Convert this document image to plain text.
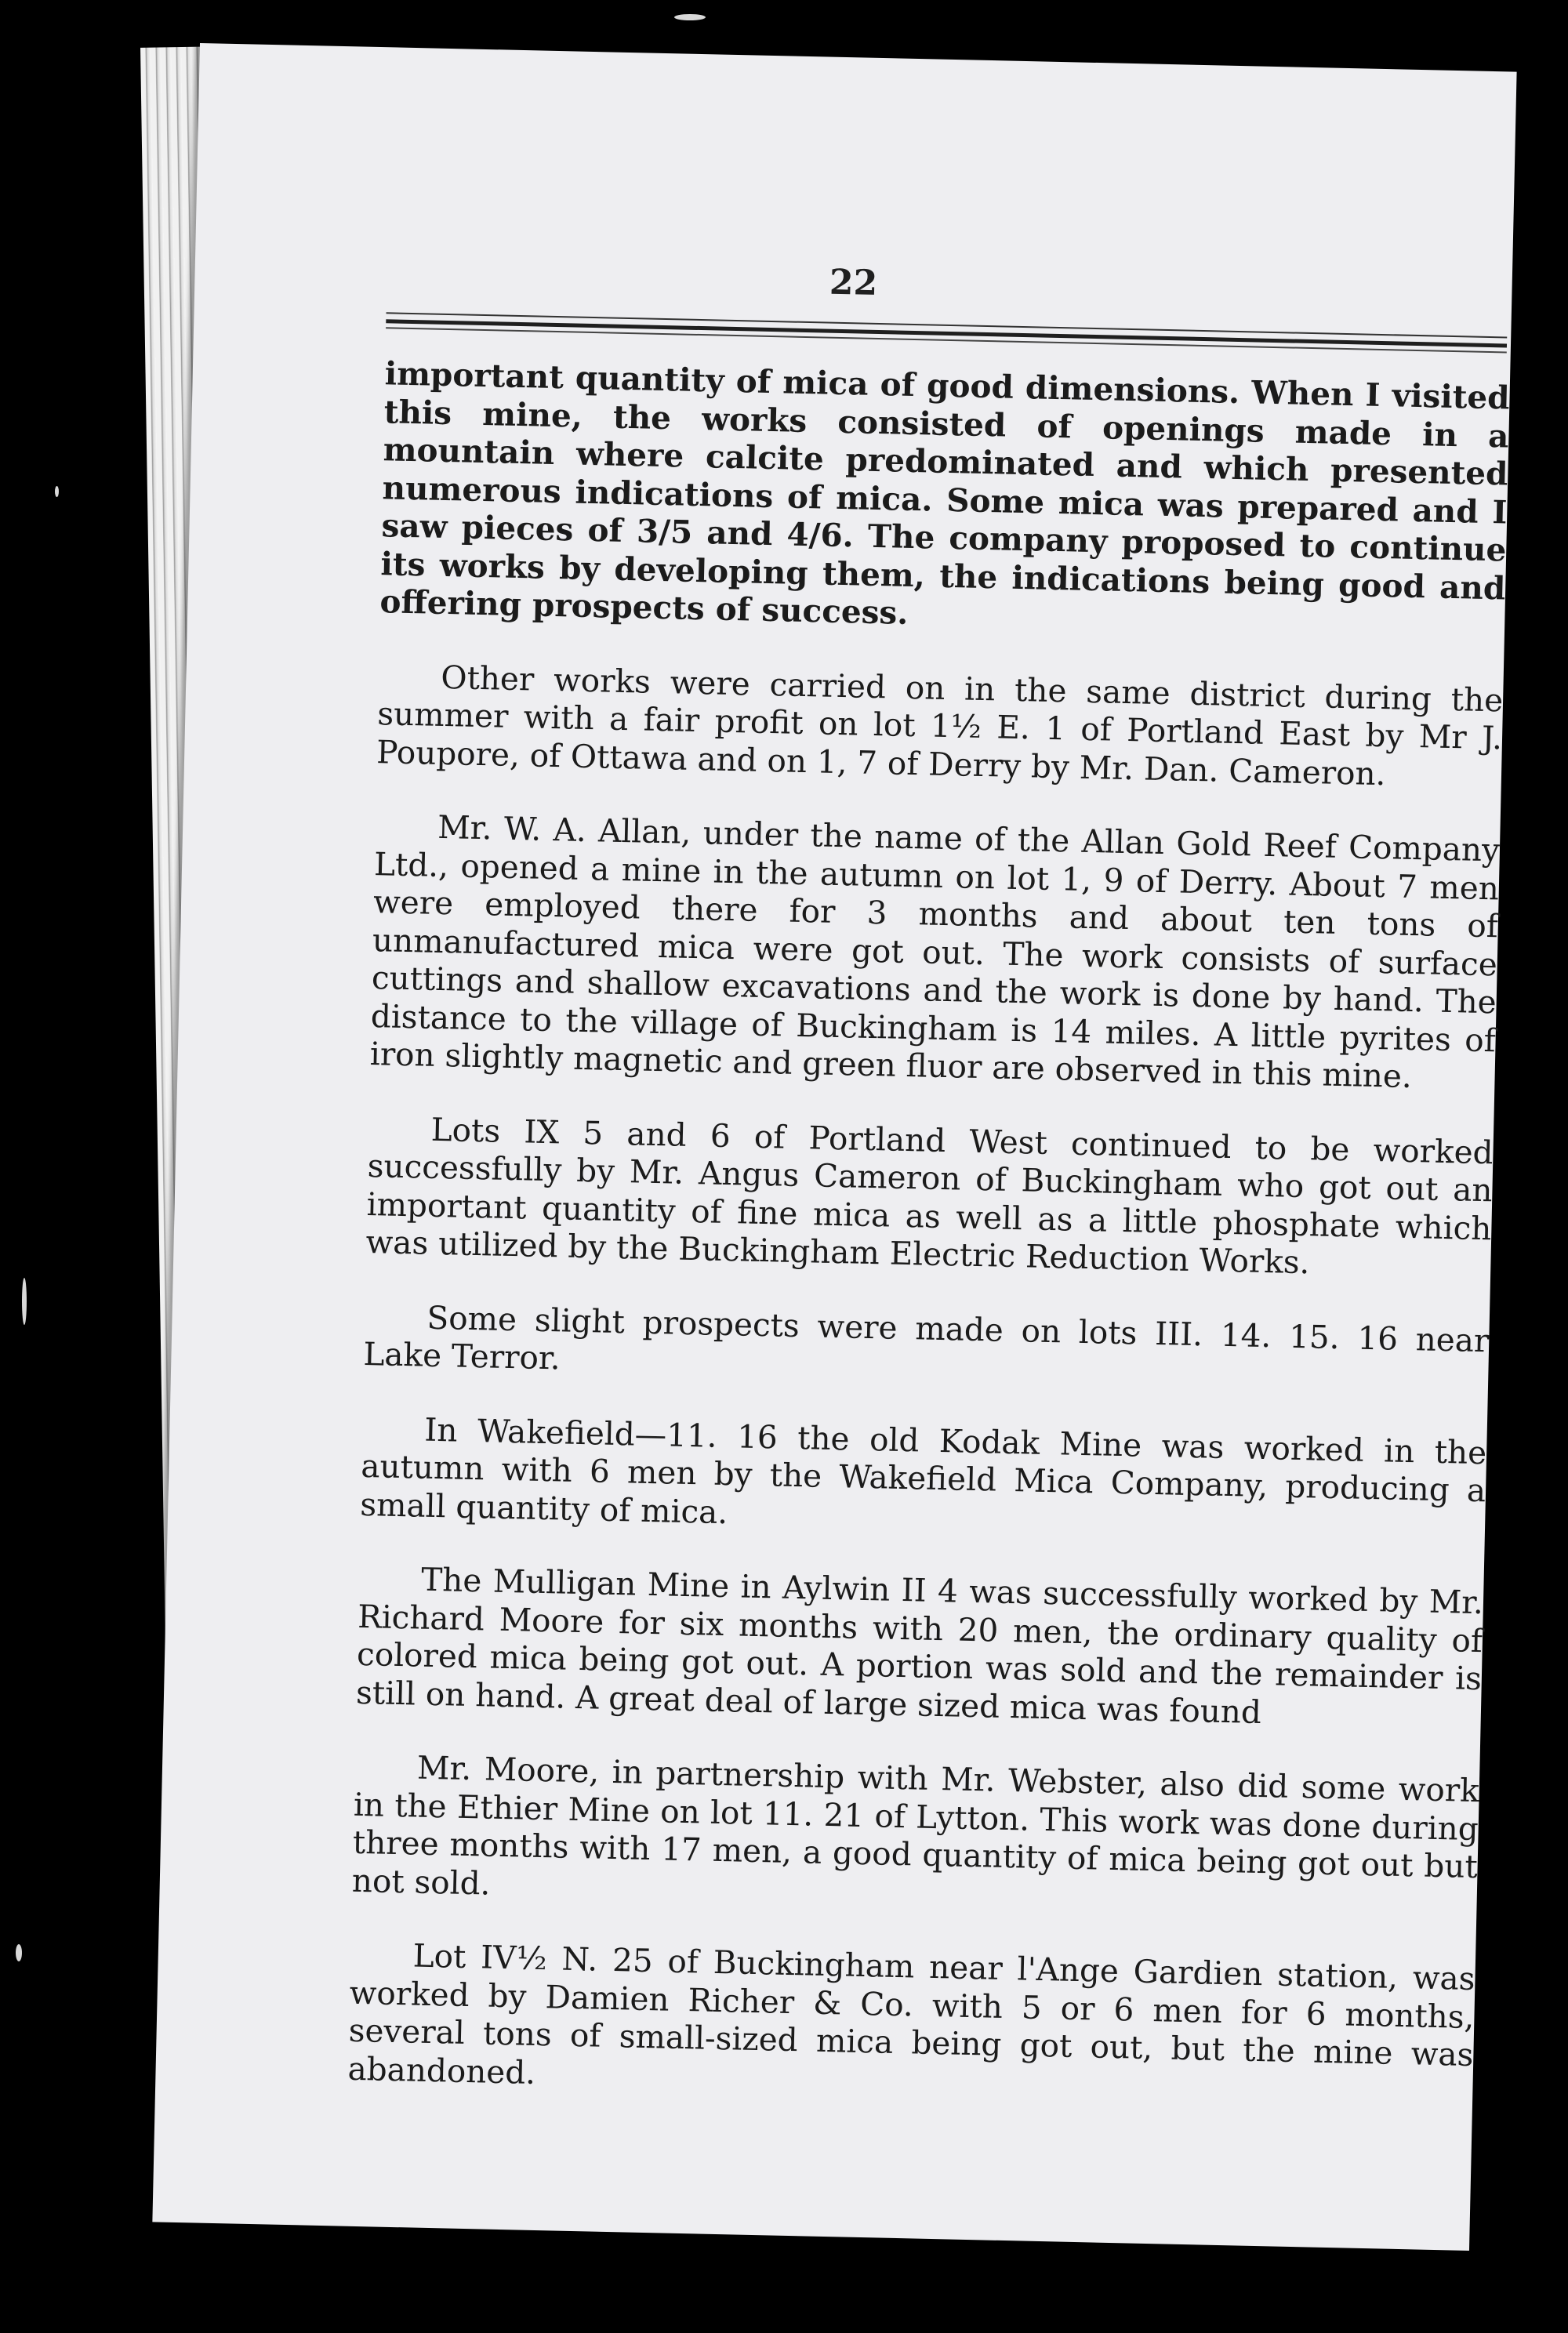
22

important quantity of mica of good dimensions. When I visited this mine, the works consisted of openings made in a mountain where calcite predominated and which presented numerous indications of mica. Some mica was prepared and I saw pieces of 3/5 and 4/6. The company proposed to continue its works by developing them, the indications being good and offering prospects of success.

Other works were carried on in the same district during the summer with a fair profit on lot 1½ E. 1 of Portland East by Mr J. Poupore, of Ottawa and on 1, 7 of Derry by Mr. Dan. Cameron.

Mr. W. A. Allan, under the name of the Allan Gold Reef Company Ltd., opened a mine in the autumn on lot 1, 9 of Derry. About 7 men were employed there for 3 months and about ten tons of unmanufactured mica were got out. The work consists of surface cuttings and shallow excavations and the work is done by hand. The distance to the village of Buckingham is 14 miles. A little pyrites of iron slightly magnetic and green fluor are observed in this mine.

Lots IX 5 and 6 of Portland West continued to be worked successfully by Mr. Angus Cameron of Buckingham who got out an important quantity of fine mica as well as a little phosphate which was utilized by the Buckingham Electric Reduction Works.

Some slight prospects were made on lots III. 14. 15. 16 near Lake Terror.

In Wakefield—11. 16 the old Kodak Mine was worked in the autumn with 6 men by the Wakefield Mica Company, producing a small quantity of mica.

The Mulligan Mine in Aylwin II 4 was successfully worked by Mr. Richard Moore for six months with 20 men, the ordinary quality of colored mica being got out. A portion was sold and the remainder is still on hand. A great deal of large sized mica was found

Mr. Moore, in partnership with Mr. Webster, also did some work in the Ethier Mine on lot 11. 21 of Lytton. This work was done during three months with 17 men, a good quantity of mica being got out but not sold.

Lot IV½ N. 25 of Buckingham near l'Ange Gardien station, was worked by Damien Richer & Co. with 5 or 6 men for 6 months, several tons of small-sized mica being got out, but the mine was abandoned.
